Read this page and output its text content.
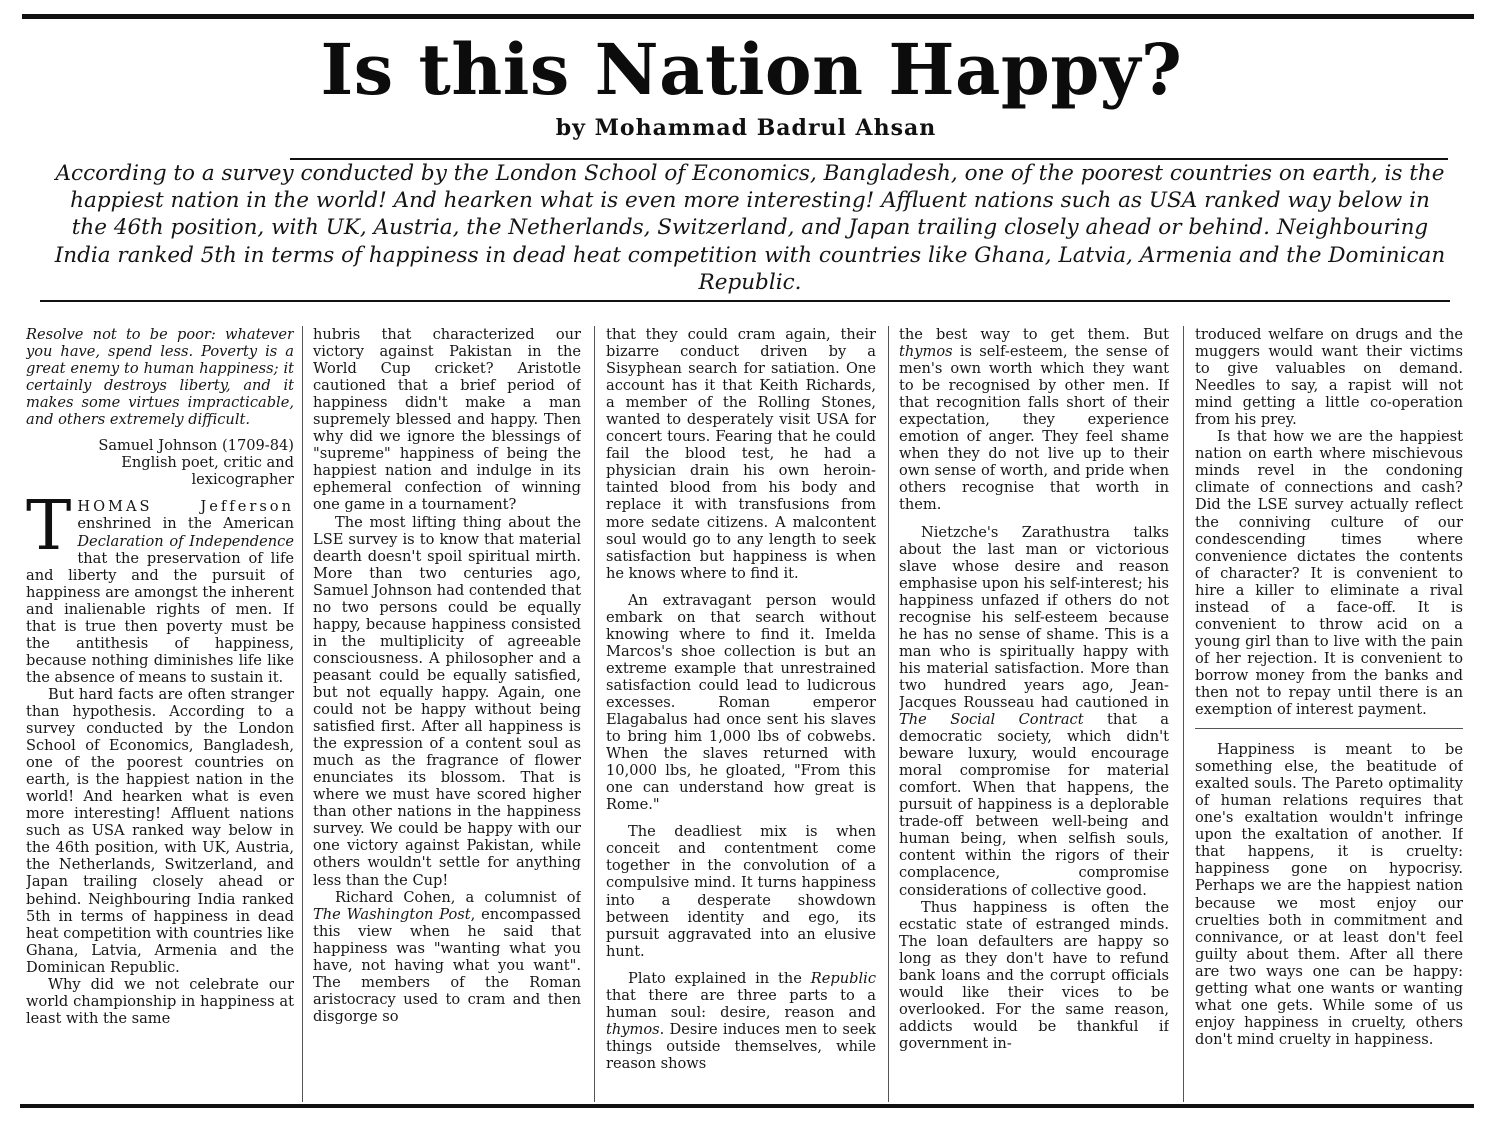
Is this Nation Happy?
by Mohammad Badrul Ahsan

According to a survey conducted by the London School of Economics, Bangladesh, one of the poorest countries on earth, is the happiest nation in the world! And hearken what is even more interesting! Affluent nations such as USA ranked way below in the 46th position, with UK, Austria, the Netherlands, Switzerland, and Japan trailing closely ahead or behind. Neighbouring India ranked 5th in terms of happiness in dead heat competition with countries like Ghana, Latvia, Armenia and the Dominican Republic.

Resolve not to be poor: whatever you have, spend less. Poverty is a great enemy to human happiness; it certainly destroys liberty, and it makes some virtues impracticable, and others extremely difficult.

Samuel Johnson (1709-84)

English poet, critic and lexicographer

THOMAS Jefferson enshrined in the American Declaration of Independence that the preservation of life and liberty and the pursuit of happiness are amongst the inherent and inalienable rights of men. If that is true then poverty must be the antithesis of happiness, because nothing diminishes life like the absence of means to sustain it.

But hard facts are often stranger than hypothesis. According to a survey conducted by the London School of Economics, Bangladesh, one of the poorest countries on earth, is the happiest nation in the world! And hearken what is even more interesting! Affluent nations such as USA ranked way below in the 46th position, with UK, Austria, the Netherlands, Switzerland, and Japan trailing closely ahead or behind. Neighbouring India ranked 5th in terms of happiness in dead heat competition with countries like Ghana, Latvia, Armenia and the Dominican Republic.

Why did we not celebrate our world championship in happiness at least with the same

hubris that characterized our victory against Pakistan in the World Cup cricket? Aristotle cautioned that a brief period of happiness didn't make a man supremely blessed and happy. Then why did we ignore the blessings of "supreme" happiness of being the happiest nation and indulge in its ephemeral confection of winning one game in a tournament?

The most lifting thing about the LSE survey is to know that material dearth doesn't spoil spiritual mirth. More than two centuries ago, Samuel Johnson had contended that no two persons could be equally happy, because happiness consisted in the multiplicity of agreeable consciousness. A philosopher and a peasant could be equally satisfied, but not equally happy. Again, one could not be happy without being satisfied first. After all happiness is the expression of a content soul as much as the fragrance of flower enunciates its blossom. That is where we must have scored higher than other nations in the happiness survey. We could be happy with our one victory against Pakistan, while others wouldn't settle for anything less than the Cup!

Richard Cohen, a columnist of The Washington Post, encompassed this view when he said that happiness was "wanting what you have, not having what you want". The members of the Roman aristocracy used to cram and then disgorge so

that they could cram again, their bizarre conduct driven by a Sisyphean search for satiation. One account has it that Keith Richards, a member of the Rolling Stones, wanted to desperately visit USA for concert tours. Fearing that he could fail the blood test, he had a physician drain his own heroin-tainted blood from his body and replace it with transfusions from more sedate citizens. A malcontent soul would go to any length to seek satisfaction but happiness is when he knows where to find it.

An extravagant person would embark on that search without knowing where to find it. Imelda Marcos's shoe collection is but an extreme example that unrestrained satisfaction could lead to ludicrous excesses. Roman emperor Elagabalus had once sent his slaves to bring him 1,000 lbs of cobwebs. When the slaves returned with 10,000 lbs, he gloated, "From this one can understand how great is Rome."

The deadliest mix is when conceit and contentment come together in the convolution of a compulsive mind. It turns happiness into a desperate showdown between identity and ego, its pursuit aggravated into an elusive hunt.

Plato explained in the Republic that there are three parts to a human soul: desire, reason and thymos. Desire induces men to seek things outside themselves, while reason shows

the best way to get them. But thymos is self-esteem, the sense of men's own worth which they want to be recognised by other men. If that recognition falls short of their expectation, they experience emotion of anger. They feel shame when they do not live up to their own sense of worth, and pride when others recognise that worth in them.

Nietzche's Zarathustra talks about the last man or victorious slave whose desire and reason emphasise upon his self-interest; his happiness unfazed if others do not recognise his self-esteem because he has no sense of shame. This is a man who is spiritually happy with his material satisfaction. More than two hundred years ago, Jean-Jacques Rousseau had cautioned in The Social Contract that a democratic society, which didn't beware luxury, would encourage moral compromise for material comfort. When that happens, the pursuit of happiness is a deplorable trade-off between well-being and human being, when selfish souls, content within the rigors of their complacence, compromise considerations of collective good.

Thus happiness is often the ecstatic state of estranged minds. The loan defaulters are happy so long as they don't have to refund bank loans and the corrupt officials would like their vices to be overlooked. For the same reason, addicts would be thankful if government in-

troduced welfare on drugs and the muggers would want their victims to give valuables on demand. Needles to say, a rapist will not mind getting a little co-operation from his prey.

Is that how we are the happiest nation on earth where mischievous minds revel in the condoning climate of connections and cash? Did the LSE survey actually reflect the conniving culture of our condescending times where convenience dictates the contents of character? It is convenient to hire a killer to eliminate a rival instead of a face-off. It is convenient to throw acid on a young girl than to live with the pain of her rejection. It is convenient to borrow money from the banks and then not to repay until there is an exemption of interest payment.

Happiness is meant to be something else, the beatitude of exalted souls. The Pareto optimality of human relations requires that one's exaltation wouldn't infringe upon the exaltation of another. If that happens, it is cruelty: happiness gone on hypocrisy. Perhaps we are the happiest nation because we most enjoy our cruelties both in commitment and connivance, or at least don't feel guilty about them. After all there are two ways one can be happy: getting what one wants or wanting what one gets. While some of us enjoy happiness in cruelty, others don't mind cruelty in happiness.
